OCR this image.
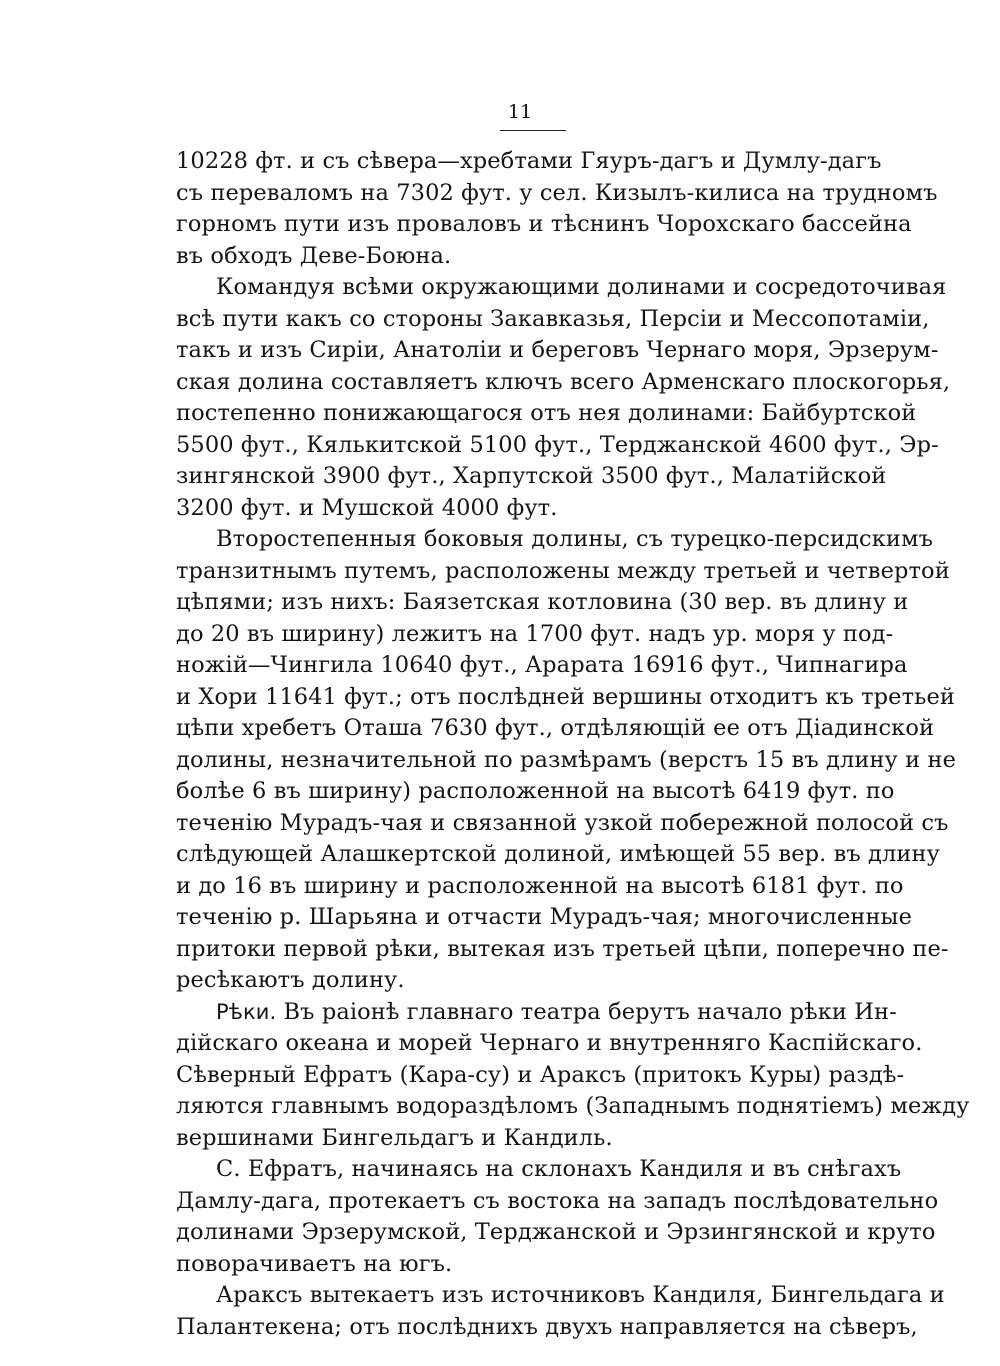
11
10228 фт. и съ сѣвера—хребтами Гяуръ-дагъ и Думлу-дагъ
съ переваломъ на 7302 фут. у сел. Кизылъ-килиса на трудномъ
горномъ пути изъ проваловъ и тѣснинъ Чорохскаго бассейна
въ обходъ Деве-Боюна.
Командуя всѣми окружающими долинами и сосредоточивая
всѣ пути какъ со стороны Закавказья, Персіи и Мессопотаміи,
такъ и изъ Сиріи, Анатоліи и береговъ Чернаго моря, Эрзерум-
ская долина составляетъ ключъ всего Арменскаго плоскогорья,
постепенно понижающагося отъ нея долинами: Байбуртской
5500 фут., Кялькитской 5100 фут., Терджанской 4600 фут., Эр-
зингянской 3900 фут., Харпутской 3500 фут., Малатійской
3200 фут. и Мушской 4000 фут.
Второстепенныя боковыя долины, съ турецко-персидскимъ
транзитнымъ путемъ, расположены между третьей и четвертой
цѣпями; изъ нихъ: Баязетская котловина (30 вер. въ длину и
до 20 въ ширину) лежитъ на 1700 фут. надъ ур. моря у под-
ножій—Чингила 10640 фут., Арарата 16916 фут., Чипнагира
и Хори 11641 фут.; отъ послѣдней вершины отходитъ къ третьей
цѣпи хребетъ Оташа 7630 фут., отдѣляющій ее отъ Діадинской
долины, незначительной по размѣрамъ (верстъ 15 въ длину и не
болѣе 6 въ ширину) расположенной на высотѣ 6419 фут. по
теченію Мурадъ-чая и связанной узкой побережной полосой съ
слѣдующей Алашкертской долиной, имѣющей 55 вер. въ длину
и до 16 въ ширину и расположенной на высотѣ 6181 фут. по
теченію р. Шарьяна и отчасти Мурадъ-чая; многочисленные
притоки первой рѣки, вытекая изъ третьей цѣпи, поперечно пе-
ресѣкаютъ долину.
Рѣки. Въ раіонѣ главнаго театра берутъ начало рѣки Ин-
дійскаго океана и морей Чернаго и внутренняго Каспійскаго.
Сѣверный Ефратъ (Кара-су) и Араксъ (притокъ Куры) раздѣ-
ляются главнымъ водораздѣломъ (Западнымъ поднятіемъ) между
вершинами Бингельдагъ и Кандиль.
С. Ефратъ, начинаясь на склонахъ Кандиля и въ снѣгахъ
Дамлу-дага, протекаетъ съ востока на западъ послѣдовательно
долинами Эрзерумской, Терджанской и Эрзингянской и круто
поворачиваетъ на югъ.
Араксъ вытекаетъ изъ источниковъ Кандиля, Бингельдага и
Палантекена; отъ послѣднихъ двухъ направляется на сѣверъ,
